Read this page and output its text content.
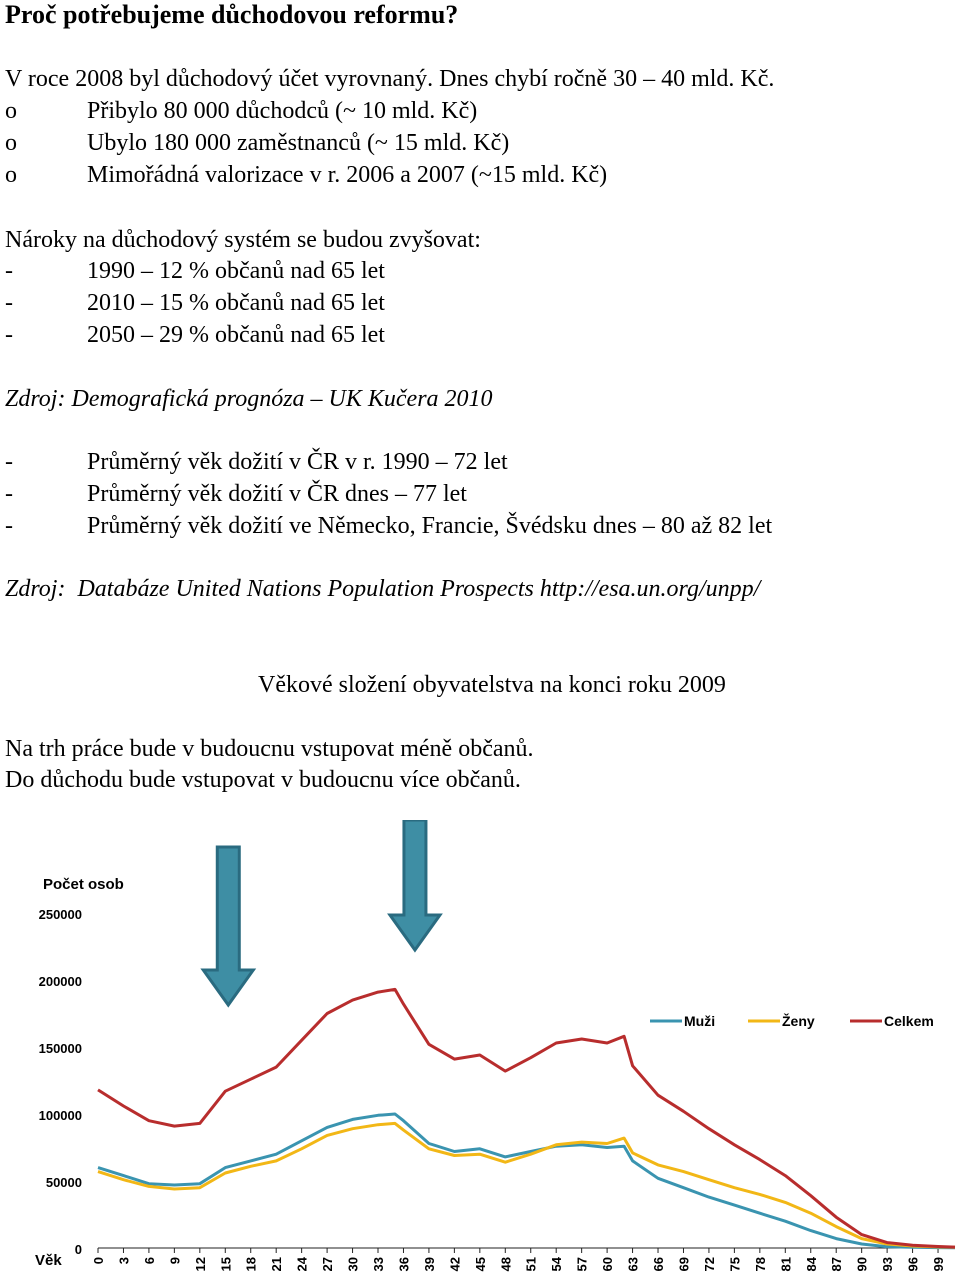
Proč potřebujeme důchodovou reformu?
V roce 2008 byl důchodový účet vyrovnaný. Dnes chybí ročně 30 – 40 mld. Kč.
o	Přibylo 80 000 důchodců (~ 10 mld. Kč)
o	Ubylo 180 000 zaměstnanců (~ 15 mld. Kč)
o	Mimořádná valorizace v r. 2006 a 2007 (~15 mld. Kč)
Nároky na důchodový systém se budou zvyšovat:
-	1990 – 12 % občanů nad 65 let
-	2010 – 15 % občanů nad 65 let
-	2050 – 29 % občanů nad 65 let
Zdroj: Demografická prognóza – UK Kučera 2010
-	Průměrný věk dožití v ČR v r. 1990 – 72 let
-	Průměrný věk dožití v ČR dnes – 77 let
-	Průměrný věk dožití ve Německo, Francie, Švédsku dnes – 80 až 82 let
Zdroj:  Databáze United Nations Population Prospects http://esa.un.org/unpp/
Věkové složení obyvatelstva na konci roku 2009
Na trh práce bude v budoucnu vstupovat méně občanů.
Do důchodu bude vstupovat v budoucnu více občanů.
Počet osob
0
50000
100000
150000
200000
250000
0 3 6 9 12 15 18 21 24 27 30 33 36 39 42 45 48 51 54 57 60 63 66 69 72 75 78 81 84 87 90 93 96 99
Věk
Muži	Ženy	Celkem
